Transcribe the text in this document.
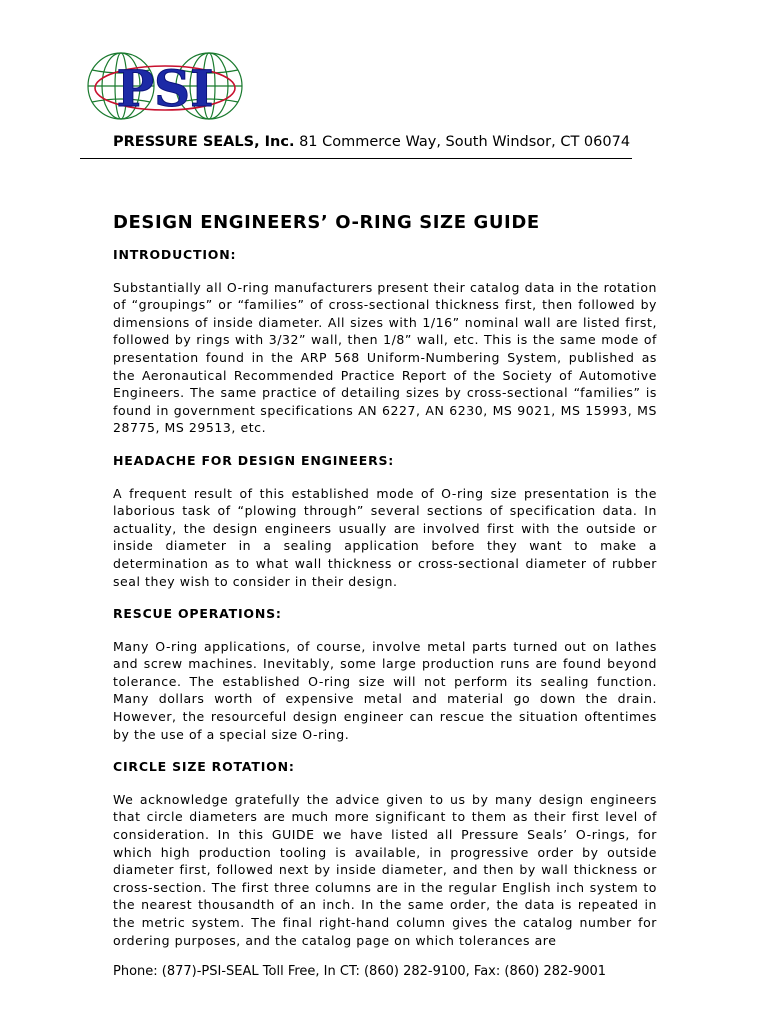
PSI
PRESSURE SEALS, Inc. 81 Commerce Way, South Windsor, CT 06074
DESIGN ENGINEERS’ O-RING SIZE GUIDE
INTRODUCTION:
Substantially all O-ring manufacturers present their catalog data in the rotation of “groupings” or “families” of cross-sectional thickness first, then followed by dimensions of inside diameter. All sizes with 1/16” nominal wall are listed first, followed by rings with 3/32” wall, then 1/8” wall, etc. This is the same mode of presentation found in the ARP 568 Uniform-Numbering System, published as the Aeronautical Recommended Practice Report of the Society of Automotive Engineers. The same practice of detailing sizes by cross-sectional “families” is found in government specifications AN 6227, AN 6230, MS 9021, MS 15993, MS 28775, MS 29513, etc.
HEADACHE FOR DESIGN ENGINEERS:
A frequent result of this established mode of O-ring size presentation is the laborious task of “plowing through” several sections of specification data. In actuality, the design engineers usually are involved first with the outside or inside diameter in a sealing application before they want to make a determination as to what wall thickness or cross-sectional diameter of rubber seal they wish to consider in their design.
RESCUE OPERATIONS:
Many O-ring applications, of course, involve metal parts turned out on lathes and screw machines. Inevitably, some large production runs are found beyond tolerance. The established O-ring size will not perform its sealing function. Many dollars worth of expensive metal and material go down the drain. However, the resourceful design engineer can rescue the situation oftentimes by the use of a special size O-ring.
CIRCLE SIZE ROTATION:
We acknowledge gratefully the advice given to us by many design engineers that circle diameters are much more significant to them as their first level of consideration. In this GUIDE we have listed all Pressure Seals’ O-rings, for which high production tooling is available, in progressive order by outside diameter first, followed next by inside diameter, and then by wall thickness or cross-section. The first three columns are in the regular English inch system to the nearest thousandth of an inch. In the same order, the data is repeated in the metric system. The final right-hand column gives the catalog number for ordering purposes, and the catalog page on which tolerances are
Phone: (877)-PSI-SEAL Toll Free, In CT: (860) 282-9100, Fax: (860) 282-9001
